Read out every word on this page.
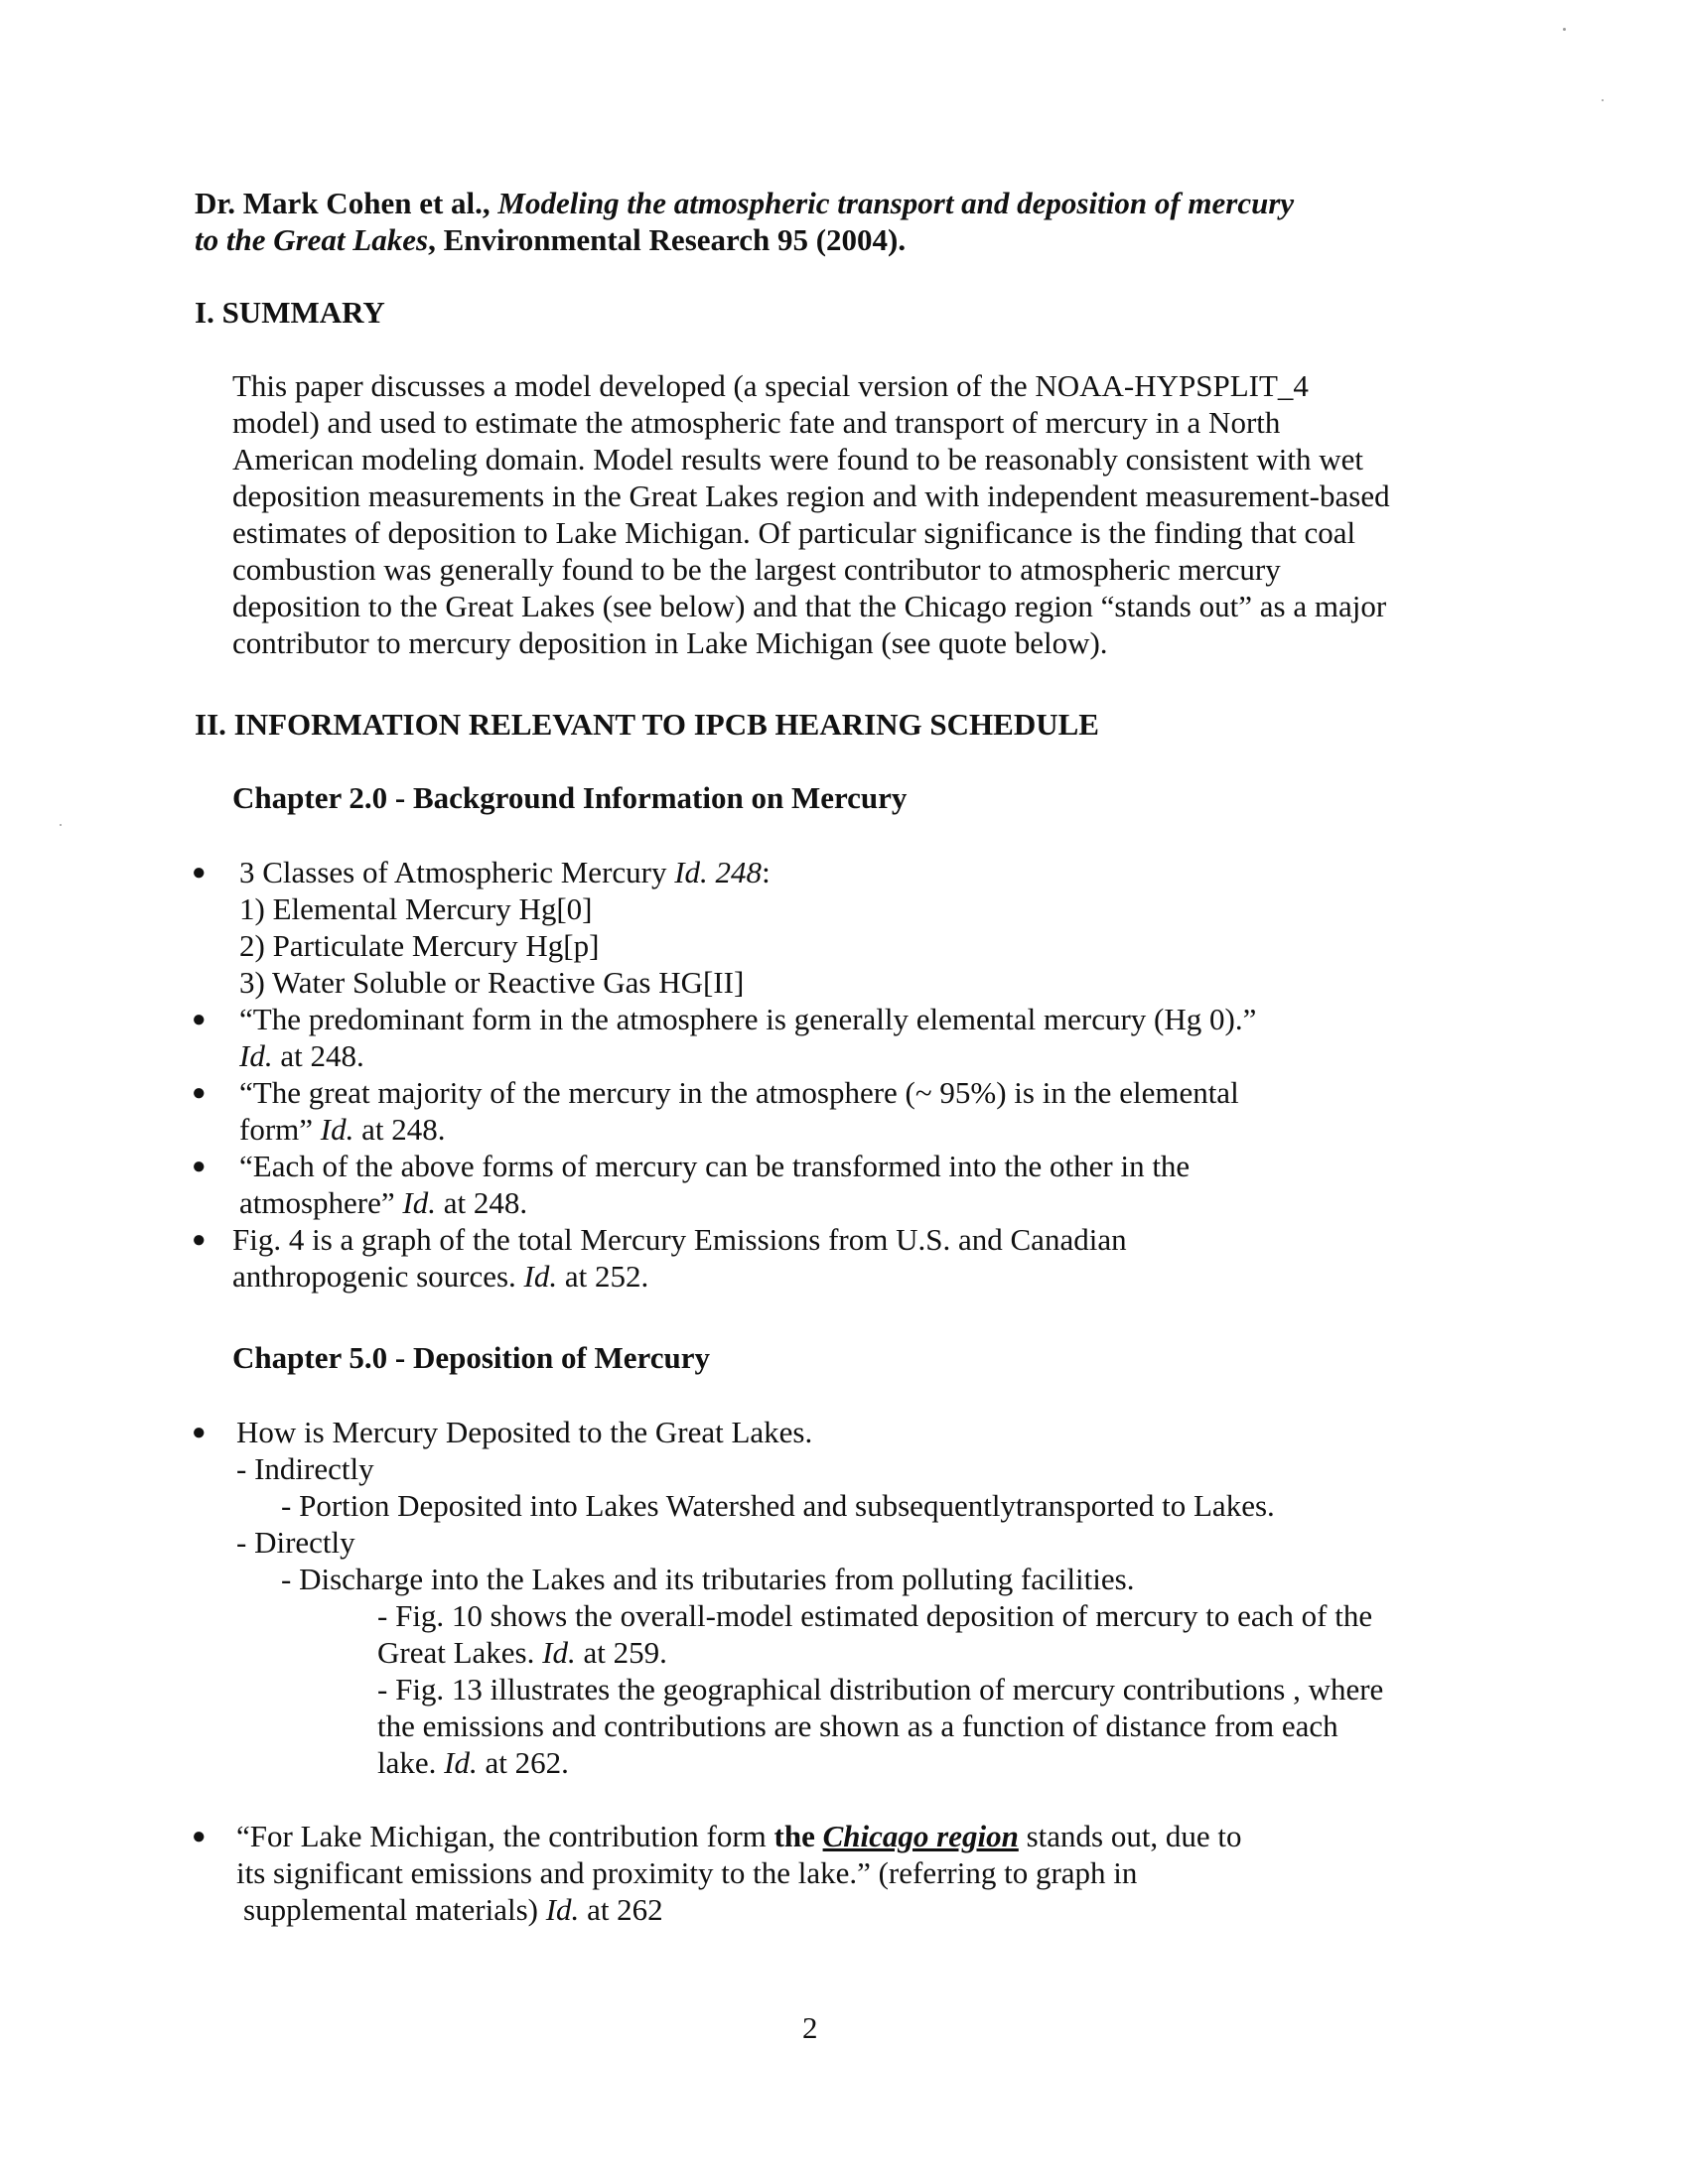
Dr. Mark Cohen et al., Modeling the atmospheric transport and deposition of mercury
to the Great Lakes, Environmental Research 95 (2004).
I. SUMMARY
This paper discusses a model developed (a special version of the NOAA-HYPSPLIT_4
model) and used to estimate the atmospheric fate and transport of mercury in a North
American modeling domain. Model results were found to be reasonably consistent with wet
deposition measurements in the Great Lakes region and with independent measurement-based
estimates of deposition to Lake Michigan. Of particular significance is the finding that coal
combustion was generally found to be the largest contributor to atmospheric mercury
deposition to the Great Lakes (see below) and that the Chicago region “stands out” as a major
contributor to mercury deposition in Lake Michigan (see quote below).
II. INFORMATION RELEVANT TO IPCB HEARING SCHEDULE
Chapter 2.0 - Background Information on Mercury
● 3 Classes of Atmospheric Mercury Id. 248:
1) Elemental Mercury Hg[0]
2) Particulate Mercury Hg[p]
3) Water Soluble or Reactive Gas HG[II]
● “The predominant form in the atmosphere is generally elemental mercury (Hg 0).”
Id. at 248.
● “The great majority of the mercury in the atmosphere (~ 95%) is in the elemental
form” Id. at 248.
● “Each of the above forms of mercury can be transformed into the other in the
atmosphere” Id. at 248.
● Fig. 4 is a graph of the total Mercury Emissions from U.S. and Canadian
anthropogenic sources. Id. at 252.
Chapter 5.0 - Deposition of Mercury
● How is Mercury Deposited to the Great Lakes.
- Indirectly
- Portion Deposited into Lakes Watershed and subsequentlytransported to Lakes.
- Directly
- Discharge into the Lakes and its tributaries from polluting facilities.
- Fig. 10 shows the overall-model estimated deposition of mercury to each of the
Great Lakes. Id. at 259.
- Fig. 13 illustrates the geographical distribution of mercury contributions , where
the emissions and contributions are shown as a function of distance from each
lake. Id. at 262.
● “For Lake Michigan, the contribution form the Chicago region stands out, due to
its significant emissions and proximity to the lake.” (referring to graph in
supplemental materials) Id. at 262
2
